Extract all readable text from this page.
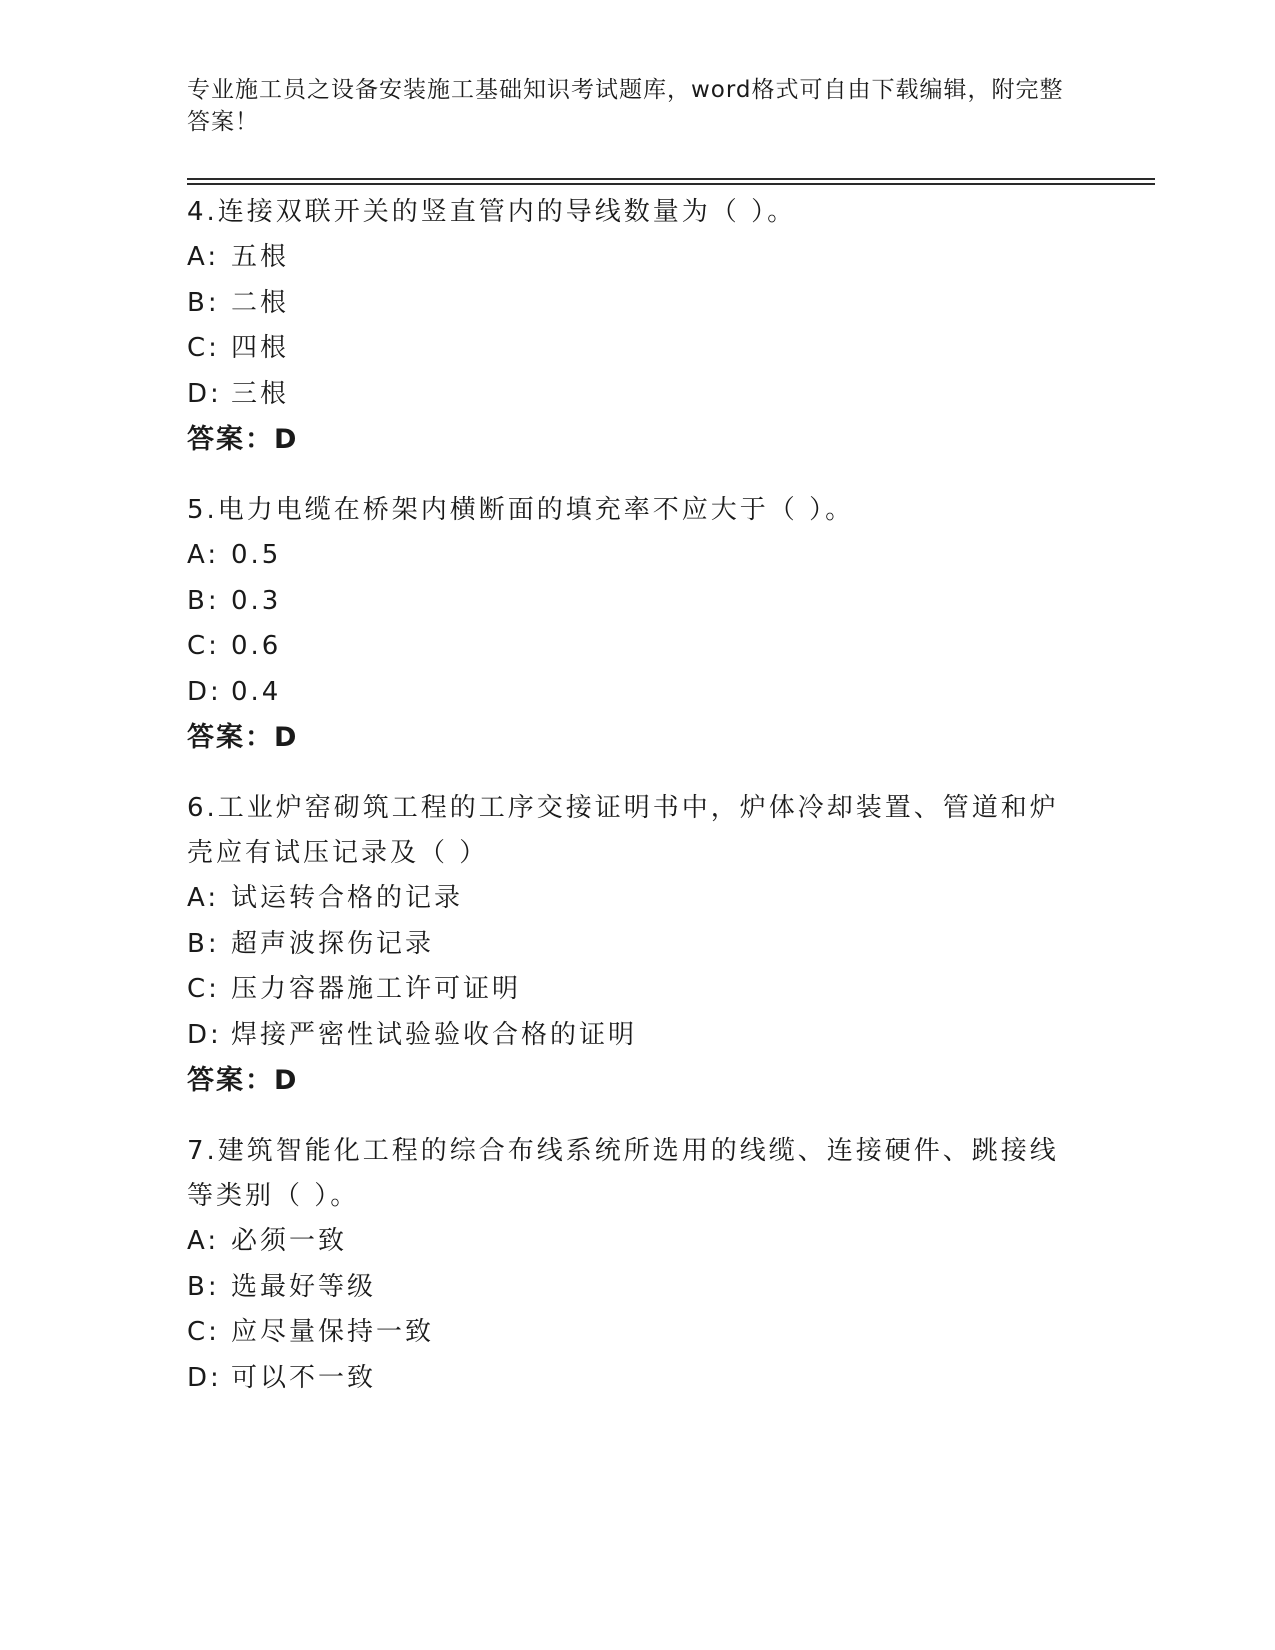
专业施工员之设备安装施工基础知识考试题库，word格式可自由下载编辑，附完整答案！
4.连接双联开关的竖直管内的导线数量为（ ）。
A: 五根
B: 二根
C: 四根
D: 三根
答案：D
5.电力电缆在桥架内横断面的填充率不应大于（ ）。
A: 0.5
B: 0.3
C: 0.6
D: 0.4
答案：D
6.工业炉窑砌筑工程的工序交接证明书中，炉体冷却装置、管道和炉壳应有试压记录及（ ）
A: 试运转合格的记录
B: 超声波探伤记录
C: 压力容器施工许可证明
D: 焊接严密性试验验收合格的证明
答案：D
7.建筑智能化工程的综合布线系统所选用的线缆、连接硬件、跳接线等类别（ ）。
A: 必须一致
B: 选最好等级
C: 应尽量保持一致
D: 可以不一致
